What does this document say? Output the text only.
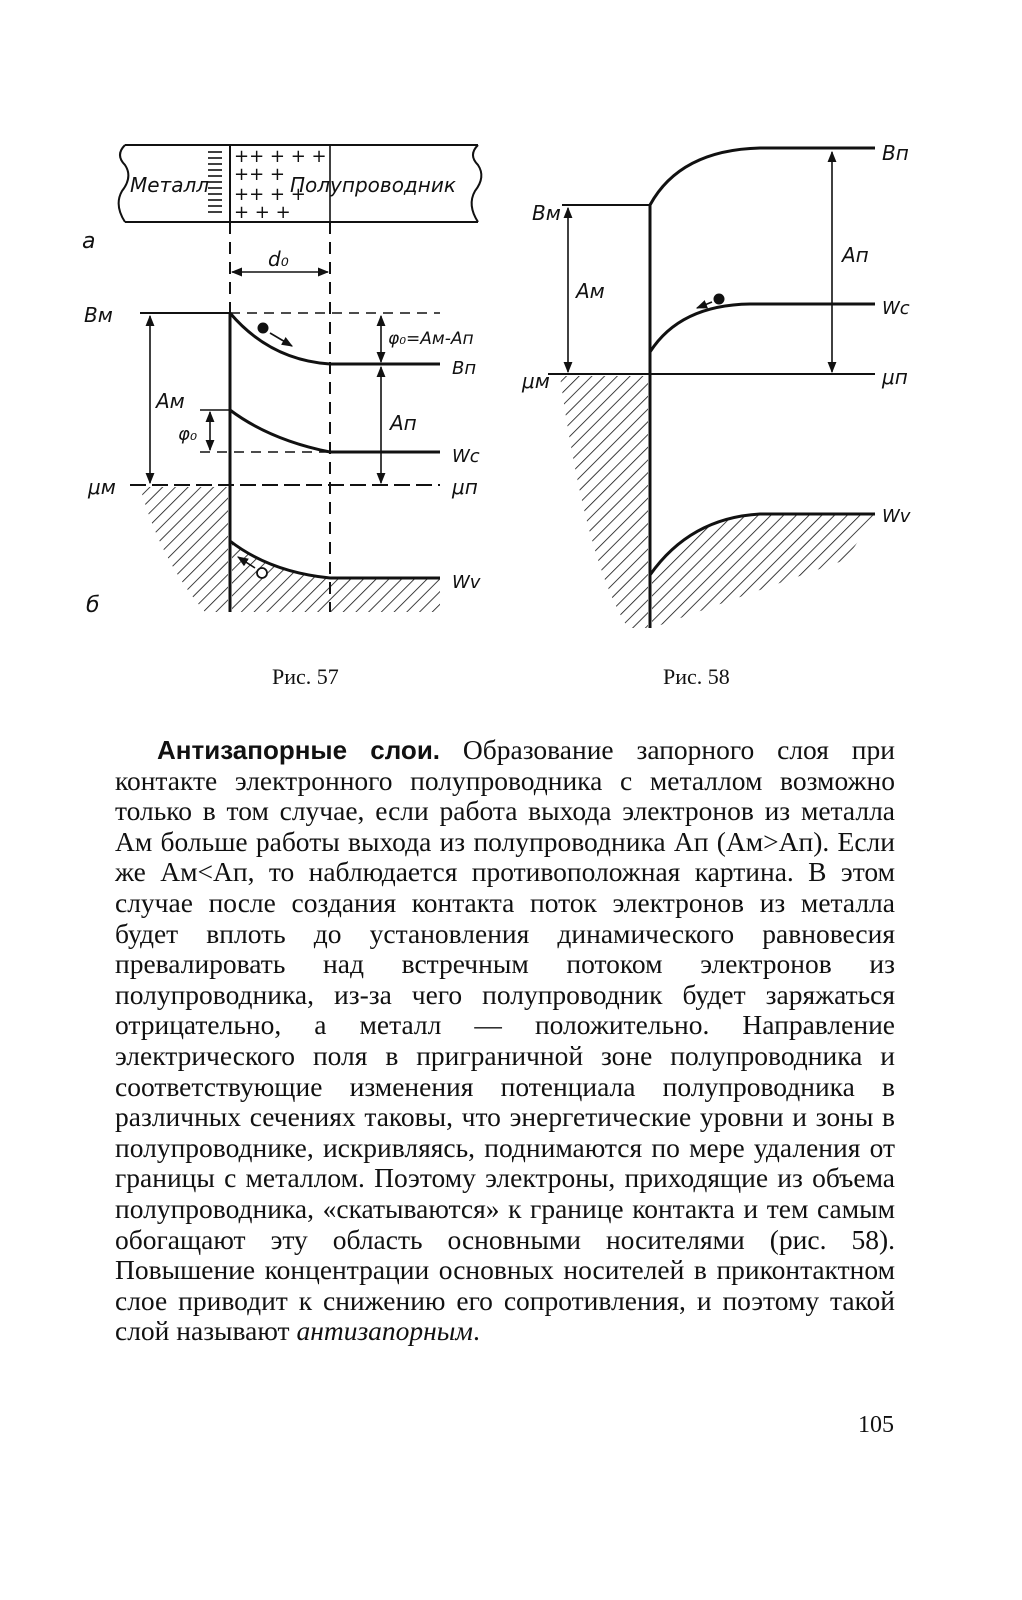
Металл	Полупроводник
++ + + +
++ +
++ + +
+ + +
а
d₀
Bм
Aм
φ₀=Aм-Aп
Bп
φ₀
Wc
Aп
μм	μп
Wv
б
Bп
Bм
Aм
Aп
Wc
μм	μп
Wv
Рис. 57	Рис. 58

Антизапорные слои. Образование запорного слоя при контакте электронного полупроводника с металлом возможно только в том случае, если работа выхода электронов из металла Aм больше работы выхода из полупроводника Aп (Aм>Aп). Если же Aм<Aп, то наблюдается противоположная картина. В этом случае после создания контакта поток электронов из металла будет вплоть до установления динамического равновесия превалировать над встречным потоком электронов из полупроводника, из-за чего полупроводник будет заряжаться отрицательно, а металл — положительно. Направление электрического поля в приграничной зоне полупроводника и соответствующие изменения потенциала полупроводника в различных сечениях таковы, что энергетические уровни и зоны в полупроводнике, искривляясь, поднимаются по мере удаления от границы с металлом. Поэтому электроны, приходящие из объема полупроводника, «скатываются» к границе контакта и тем самым обогащают эту область основными носителями (рис. 58). Повышение концентрации основных носителей в приконтактном слое приводит к снижению его сопротивления, и поэтому такой слой называют антизапорным.

105
